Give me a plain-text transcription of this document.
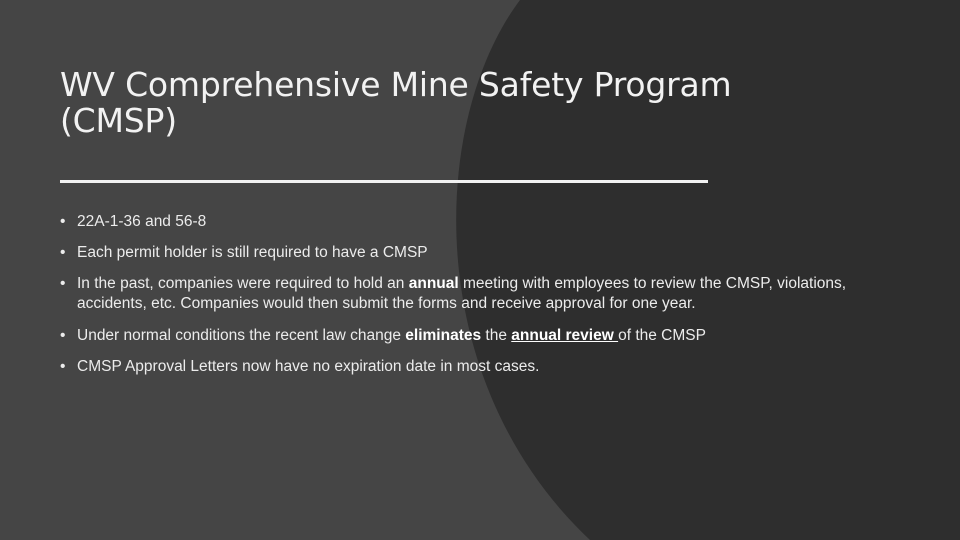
WV Comprehensive Mine Safety Program
(CMSP)
• 22A-1-36 and 56-8
• Each permit holder is still required to have a CMSP
• In the past, companies were required to hold an annual meeting with employees to review the CMSP, violations, accidents, etc. Companies would then submit the forms and receive approval for one year.
• Under normal conditions the recent law change eliminates the annual review of the CMSP
• CMSP Approval Letters now have no expiration date in most cases.
